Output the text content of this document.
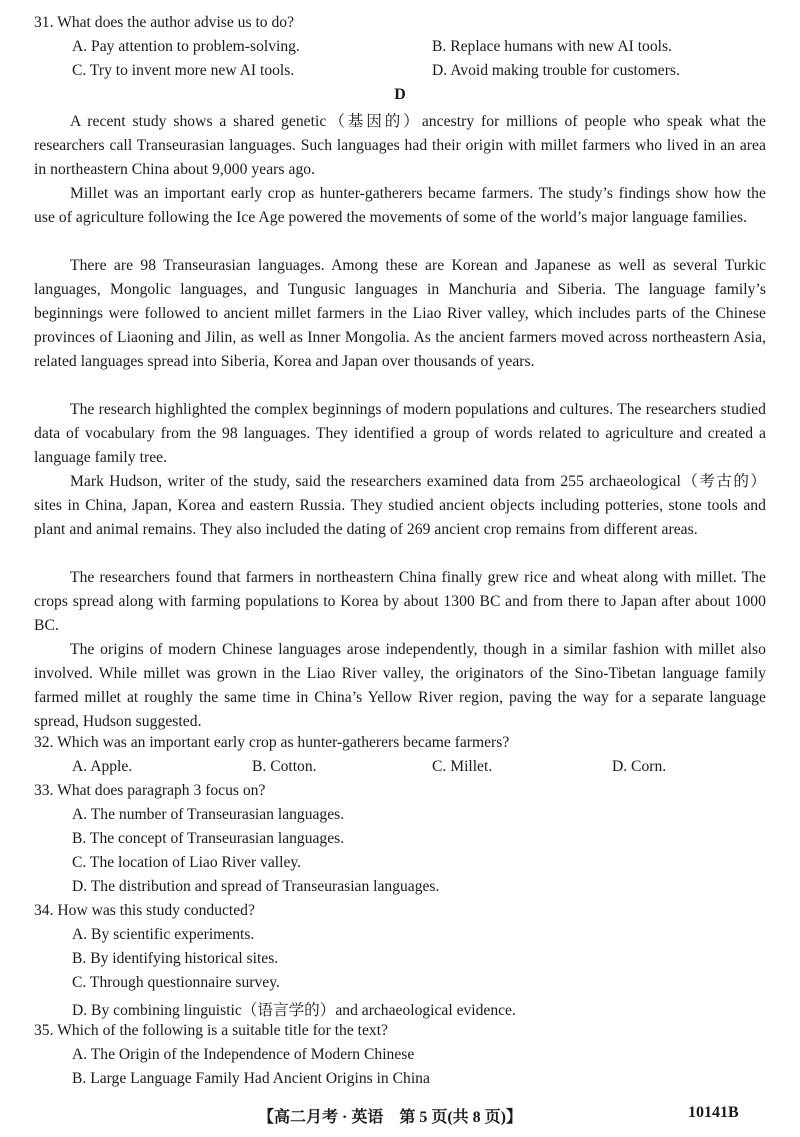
31. What does the author advise us to do?
A. Pay attention to problem-solving.	B. Replace humans with new AI tools.
C. Try to invent more new AI tools.	D. Avoid making trouble for customers.
D
A recent study shows a shared genetic（基因的）ancestry for millions of people who speak what the researchers call Transeurasian languages. Such languages had their origin with millet farmers who lived in an area in northeastern China about 9,000 years ago.
Millet was an important early crop as hunter-gatherers became farmers. The study’s findings show how the use of agriculture following the Ice Age powered the movements of some of the world’s major language families.
There are 98 Transeurasian languages. Among these are Korean and Japanese as well as several Turkic languages, Mongolic languages, and Tungusic languages in Manchuria and Siberia. The language family’s beginnings were followed to ancient millet farmers in the Liao River valley, which includes parts of the Chinese provinces of Liaoning and Jilin, as well as Inner Mongolia. As the ancient farmers moved across northeastern Asia, related languages spread into Siberia, Korea and Japan over thousands of years.
The research highlighted the complex beginnings of modern populations and cultures. The researchers studied data of vocabulary from the 98 languages. They identified a group of words related to agriculture and created a language family tree.
Mark Hudson, writer of the study, said the researchers examined data from 255 archaeological（考古的）sites in China, Japan, Korea and eastern Russia. They studied ancient objects including potteries, stone tools and plant and animal remains. They also included the dating of 269 ancient crop remains from different areas.
The researchers found that farmers in northeastern China finally grew rice and wheat along with millet. The crops spread along with farming populations to Korea by about 1300 BC and from there to Japan after about 1000 BC.
The origins of modern Chinese languages arose independently, though in a similar fashion with millet also involved. While millet was grown in the Liao River valley, the originators of the Sino-Tibetan language family farmed millet at roughly the same time in China’s Yellow River region, paving the way for a separate language spread, Hudson suggested.
32. Which was an important early crop as hunter-gatherers became farmers?
A. Apple.	B. Cotton.	C. Millet.	D. Corn.
33. What does paragraph 3 focus on?
A. The number of Transeurasian languages.
B. The concept of Transeurasian languages.
C. The location of Liao River valley.
D. The distribution and spread of Transeurasian languages.
34. How was this study conducted?
A. By scientific experiments.
B. By identifying historical sites.
C. Through questionnaire survey.
D. By combining linguistic（语言学的）and archaeological evidence.
35. Which of the following is a suitable title for the text?
A. The Origin of the Independence of Modern Chinese
B. Large Language Family Had Ancient Origins in China
【高二月考 · 英语　第 5 页(共 8 页)】	10141B
